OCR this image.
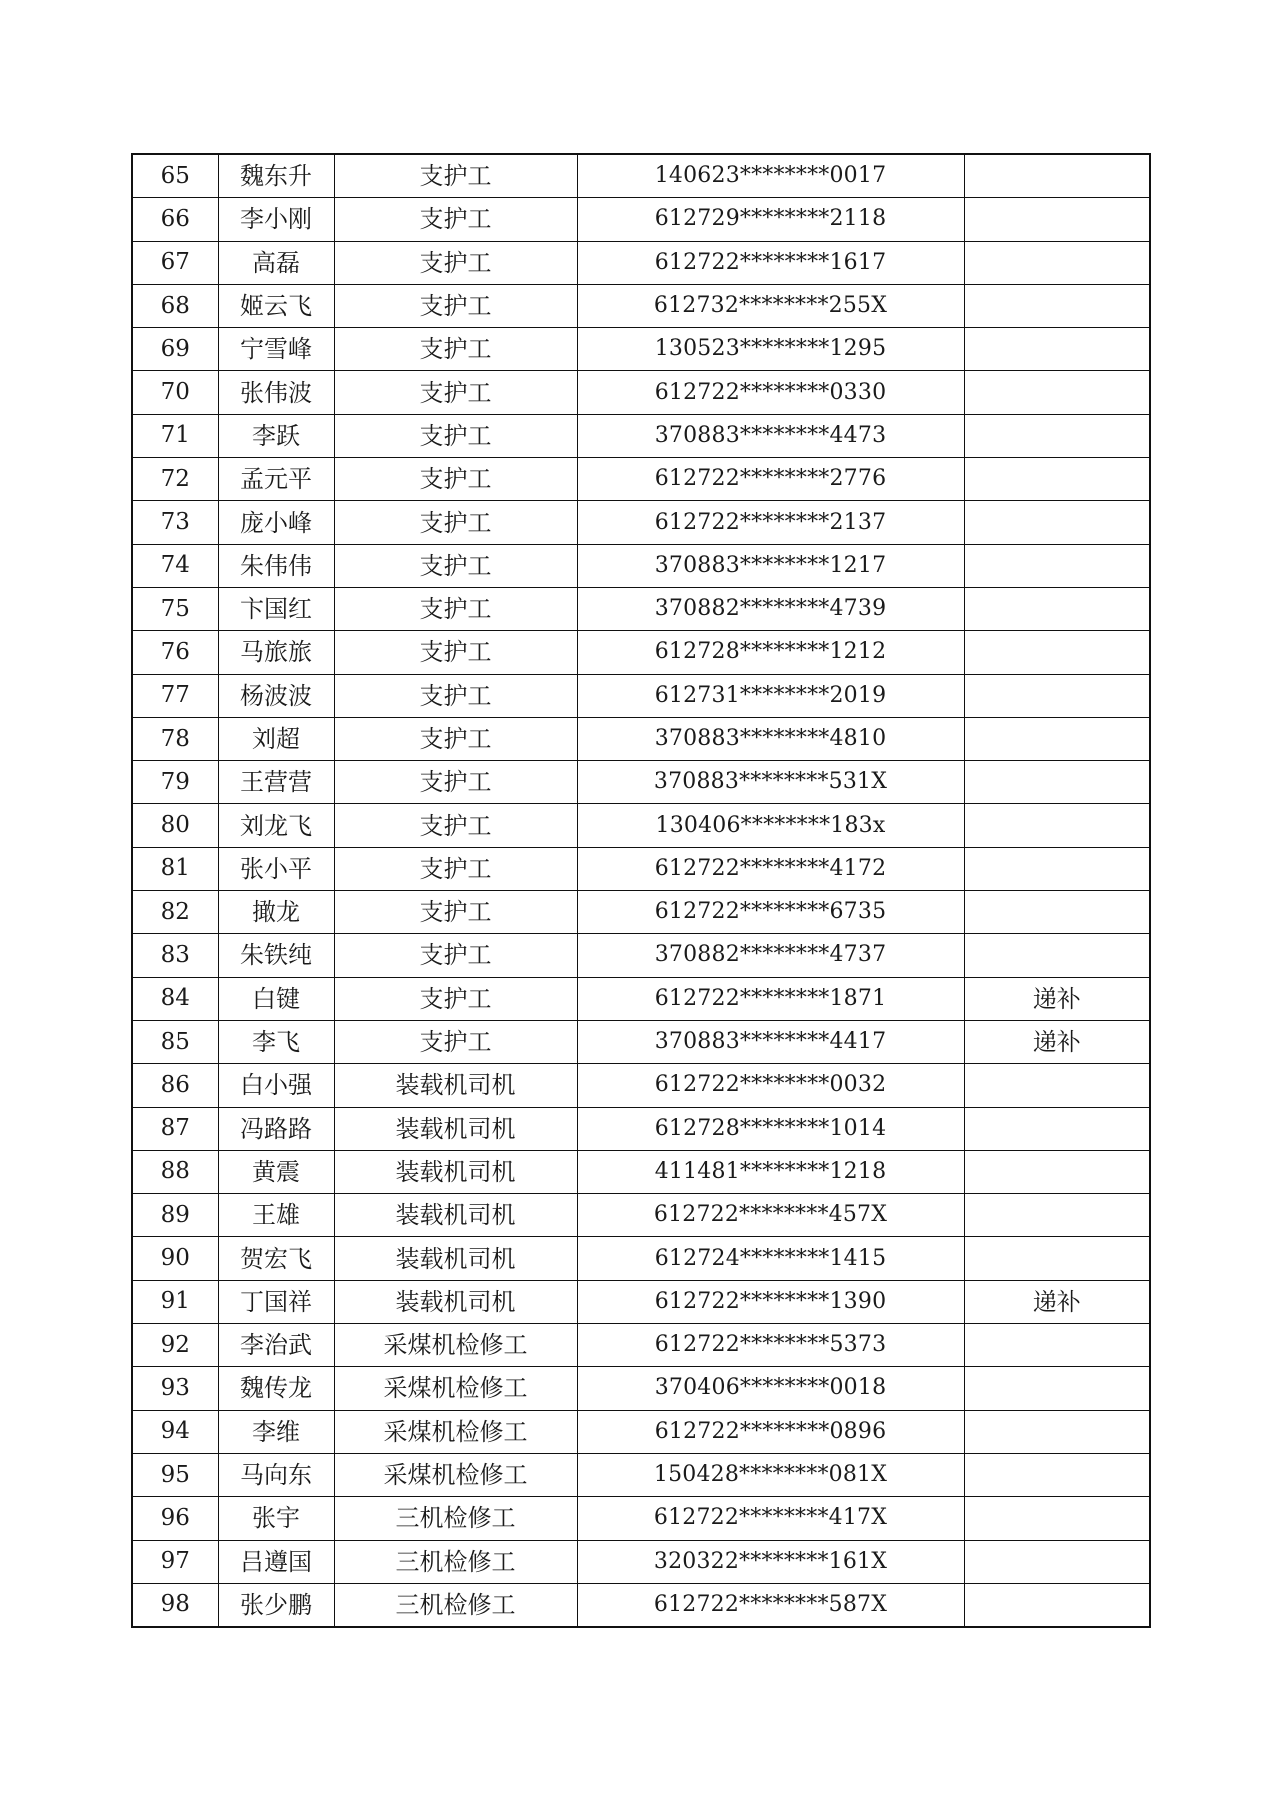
65	魏东升	支护工	140623********0017	
66	李小刚	支护工	612729********2118	
67	高磊	支护工	612722********1617	
68	姬云飞	支护工	612732********255X	
69	宁雪峰	支护工	130523********1295	
70	张伟波	支护工	612722********0330	
71	李跃	支护工	370883********4473	
72	孟元平	支护工	612722********2776	
73	庞小峰	支护工	612722********2137	
74	朱伟伟	支护工	370883********1217	
75	卞国红	支护工	370882********4739	
76	马旅旅	支护工	612728********1212	
77	杨波波	支护工	612731********2019	
78	刘超	支护工	370883********4810	
79	王营营	支护工	370883********531X	
80	刘龙飞	支护工	130406********183x	
81	张小平	支护工	612722********4172	
82	撖龙	支护工	612722********6735	
83	朱铁纯	支护工	370882********4737	
84	白键	支护工	612722********1871	递补
85	李飞	支护工	370883********4417	递补
86	白小强	装载机司机	612722********0032	
87	冯路路	装载机司机	612728********1014	
88	黄震	装载机司机	411481********1218	
89	王雄	装载机司机	612722********457X	
90	贺宏飞	装载机司机	612724********1415	
91	丁国祥	装载机司机	612722********1390	递补
92	李治武	采煤机检修工	612722********5373	
93	魏传龙	采煤机检修工	370406********0018	
94	李维	采煤机检修工	612722********0896	
95	马向东	采煤机检修工	150428********081X	
96	张宇	三机检修工	612722********417X	
97	吕遵国	三机检修工	320322********161X	
98	张少鹏	三机检修工	612722********587X	
